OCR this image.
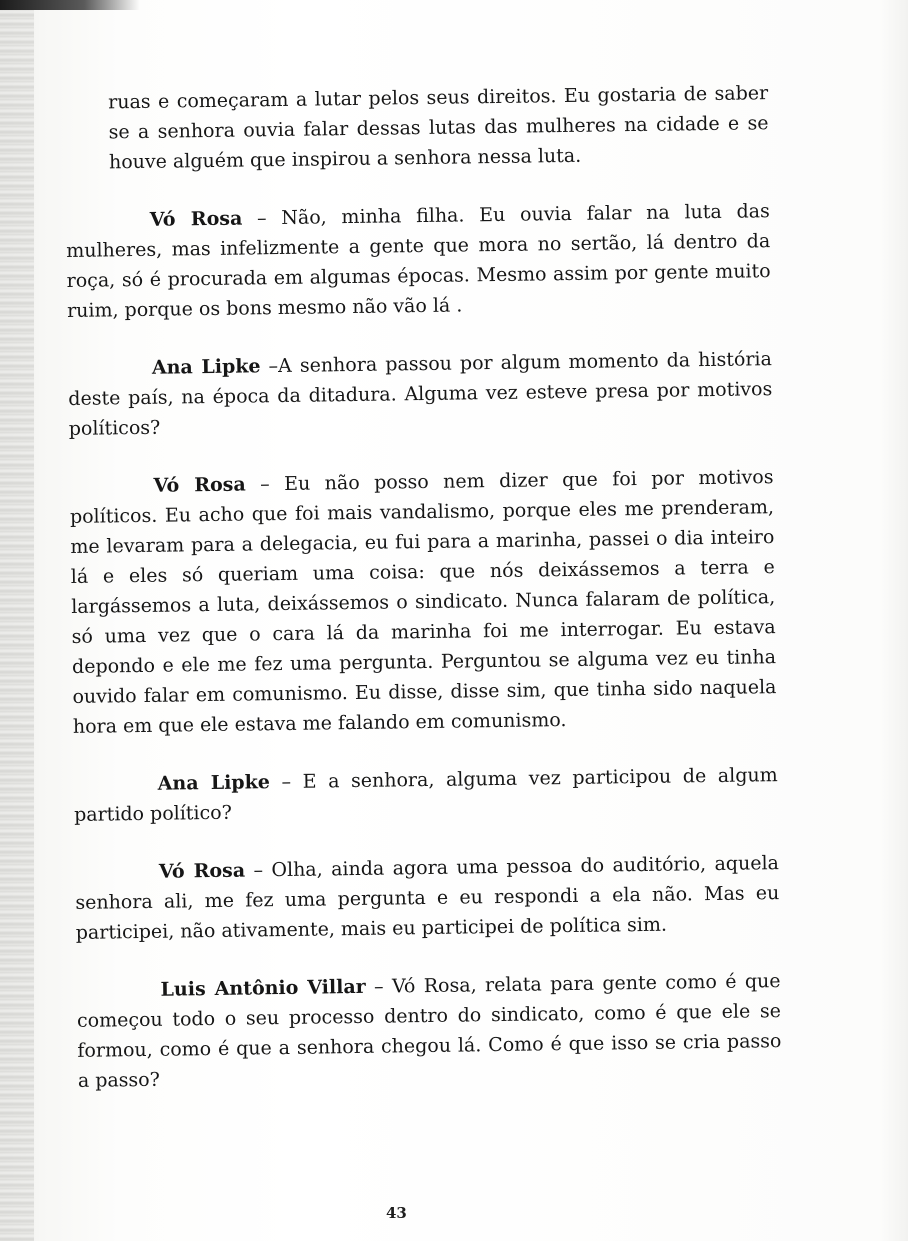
ruas e começaram a lutar pelos seus direitos. Eu gostaria de saber se a senhora ouvia falar dessas lutas das mulheres na cidade e se houve alguém que inspirou a senhora nessa luta.

Vó Rosa – Não, minha filha. Eu ouvia falar na luta das mulheres, mas infelizmente a gente que mora no sertão, lá dentro da roça, só é procurada em algumas épocas. Mesmo assim por gente muito ruim, porque os bons mesmo não vão lá .

Ana Lipke –A senhora passou por algum momento da história deste país, na época da ditadura. Alguma vez esteve presa por motivos políticos?

Vó Rosa – Eu não posso nem dizer que foi por motivos políticos. Eu acho que foi mais vandalismo, porque eles me prenderam, me levaram para a delegacia, eu fui para a marinha, passei o dia inteiro lá e eles só queriam uma coisa: que nós deixássemos a terra e largássemos a luta, deixássemos o sindicato. Nunca falaram de política, só uma vez que o cara lá da marinha foi me interrogar. Eu estava depondo e ele me fez uma pergunta. Perguntou se alguma vez eu tinha ouvido falar em comunismo. Eu disse, disse sim, que tinha sido naquela hora em que ele estava me falando em comunismo.

Ana Lipke – E a senhora, alguma vez participou de algum partido político?

Vó Rosa – Olha, ainda agora uma pessoa do auditório, aquela senhora ali, me fez uma pergunta e eu respondi a ela não. Mas eu participei, não ativamente, mais eu participei de política sim.

Luis Antônio Villar – Vó Rosa, relata para gente como é que começou todo o seu processo dentro do sindicato, como é que ele se formou, como é que a senhora chegou lá. Como é que isso se cria passo a passo?

43
